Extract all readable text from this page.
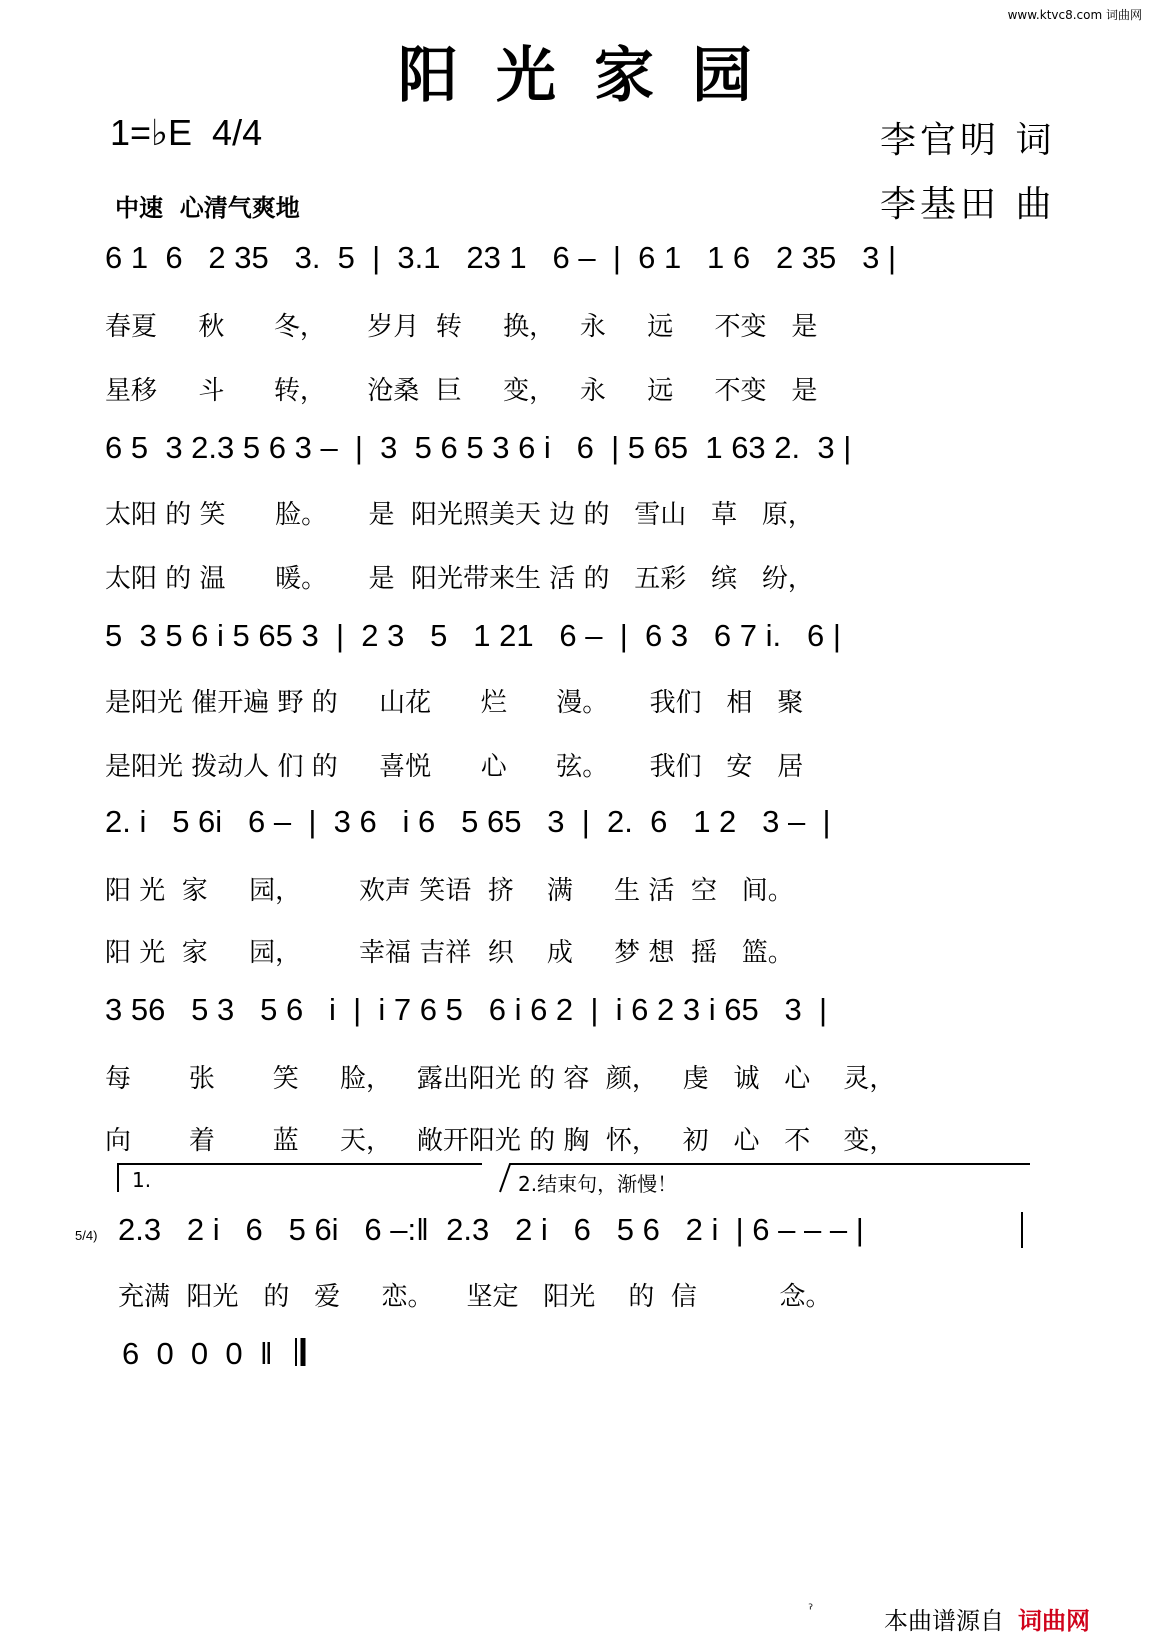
www.ktvc8.com 词曲网
阳光家园
1=♭E  4/4
中速  心清气爽地
李官明 词
李基田 曲
6 1  6   2 35   3.  5  |  3.1   23 1   6 –  |  6 1   1 6   2 35   3 |
春夏     秋      冬，     岁月  转     换，   永     远     不变   是
星移     斗      转，     沧桑  巨     变，   永     远     不变   是
6 5  3 2.3 5 6 3 –  |  3  5 6 5 3 6 i   6  | 5 65  1 63 2.  3 |
太阳 的 笑      脸。     是  阳光照美天 边 的   雪山   草   原，
太阳 的 温      暖。     是  阳光带来生 活 的   五彩   缤   纷，
5  3 5 6 i 5 65 3  |  2 3   5   1 21   6 –  |  6 3   6 7 i.   6 |
是阳光 催开遍 野 的     山花      烂      漫。     我们   相   聚
是阳光 拨动人 们 的     喜悦      心      弦。     我们   安   居
2. i   5 6i   6 –  |  3 6   i 6   5 65   3  |  2.  6   1 2   3 –  |
阳 光  家     园，       欢声 笑语  挤    满     生 活  空   间。
阳 光  家     园，       幸福 吉祥  织    成     梦 想  摇   篮。
3 56   5 3   5 6   i  |  i 7 6 5   6 i 6 2  |  i 6 2 3 i 65   3  |
每       张       笑     脸，   露出阳光 的 容  颜，   虔   诚   心    灵，
向       着       蓝     天，   敞开阳光 的 胸  怀，   初   心   不    变，
1.	2.结束句，渐慢！
5/4) 2.3   2 i   6   5 6i   6 –:‖  2.3   2 i   6   5 6   2 i  | 6 – – – |
充满  阳光   的   爱     恋。    坚定   阳光    的  信          念。
6  0  0  0  ‖
ˀ	本曲谱源自 词曲网
